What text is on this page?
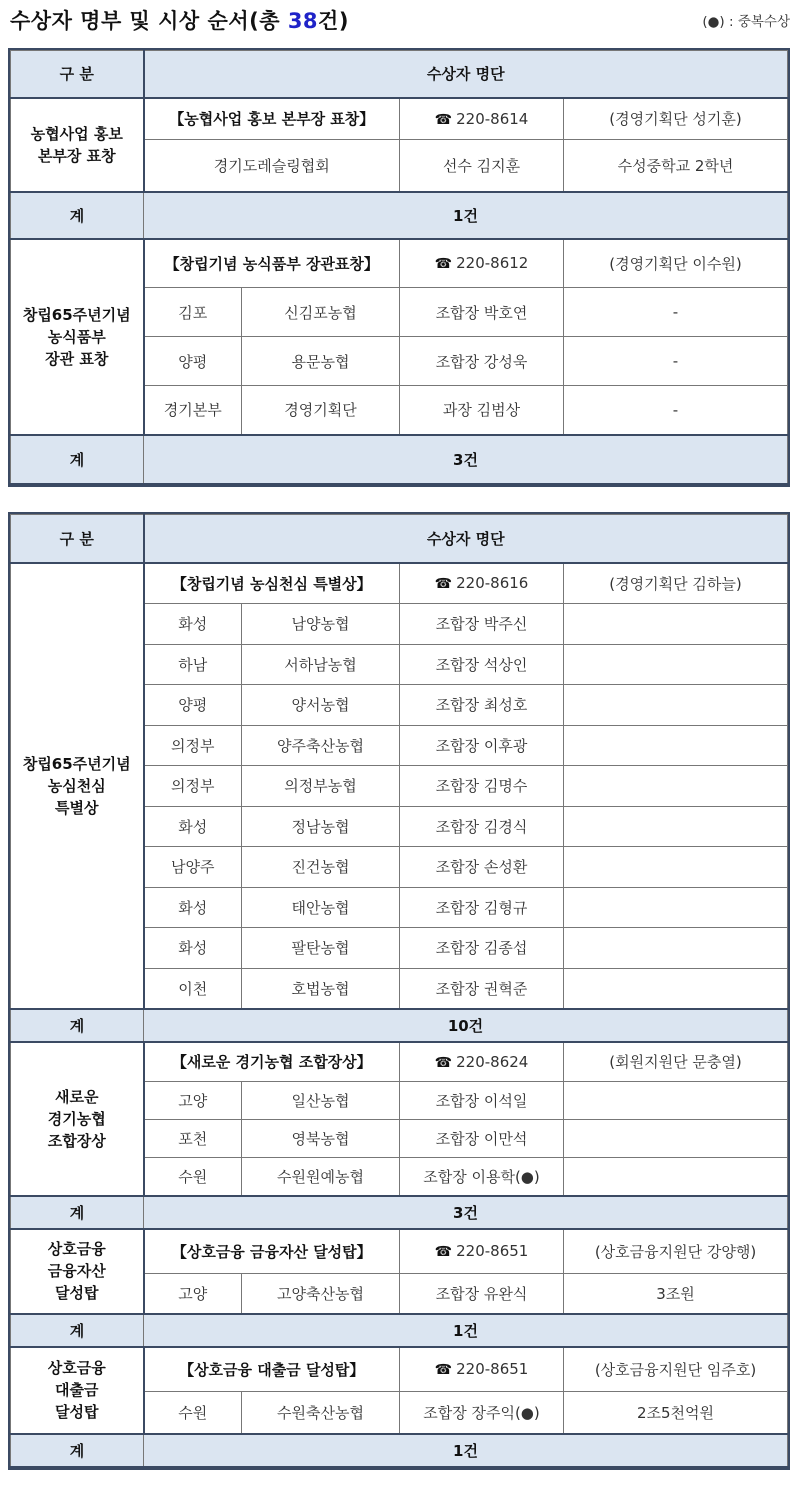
수상자 명부 및 시상 순서(총 38건)	(●) : 중복수상
구 분	수상자 명단			

농협사업 홍보
본부장 표창	【농협사업 홍보 본부장 표창】		☎ 220-8614	(경영기획단 성기훈)
	경기도레슬링협회		선수 김지훈	수성중학교 2학년
계	1건			

창립65주년기념
농식품부
장관 표창	【창립기념 농식품부 장관표창】		☎ 220-8612	(경영기획단 이수원)
	김포	신김포농협	조합장 박호연	-
	양평	용문농협	조합장 강성욱	-
	경기본부	경영기획단	과장 김범상	-
계	3건			
구 분	수상자 명단			

창립65주년기념
농심천심
특별상	【창립기념 농심천심 특별상】		☎ 220-8616	(경영기획단 김하늘)
	화성	남양농협	조합장 박주신	
	하남	서하남농협	조합장 석상인	
	양평	양서농협	조합장 최성호	
	의정부	양주축산농협	조합장 이후광	
	의정부	의정부농협	조합장 김명수	
	화성	정남농협	조합장 김경식	
	남양주	진건농협	조합장 손성환	
	화성	태안농협	조합장 김형규	
	화성	팔탄농협	조합장 김종섭	
	이천	호법농협	조합장 권혁준	
계	10건			

새로운
경기농협
조합장상	【새로운 경기농협 조합장상】		☎ 220-8624	(회원지원단 문충열)
	고양	일산농협	조합장 이석일	
	포천	영북농협	조합장 이만석	
	수원	수원원예농협	조합장 이용학(●)	
계	3건			

상호금융
금융자산
달성탑	【상호금융 금융자산 달성탑】		☎ 220-8651	(상호금융지원단 강양행)
	고양	고양축산농협	조합장 유완식	3조원
계	1건			

상호금융
대출금
달성탑	【상호금융 대출금 달성탑】		☎ 220-8651	(상호금융지원단 임주호)
	수원	수원축산농협	조합장 장주익(●)	2조5천억원
계	1건			
